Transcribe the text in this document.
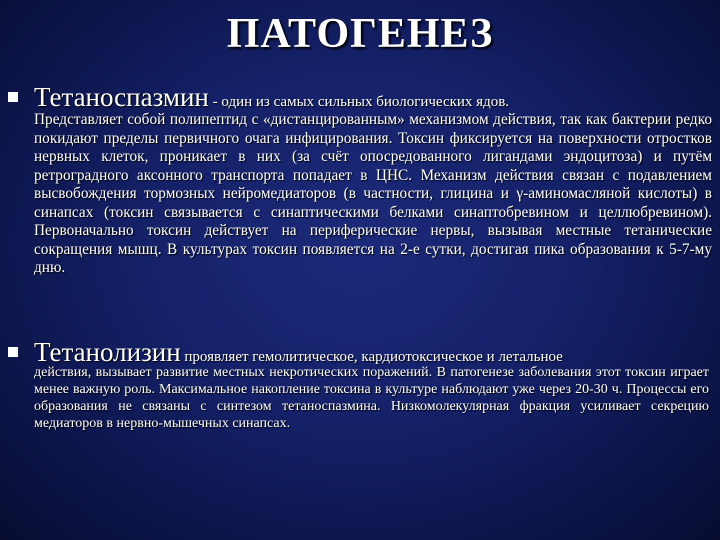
ПАТОГЕНЕЗ
Тетаноспазмин - один из самых сильных биологических ядов.
Представляет собой полипептид с «дистанцированным» механизмом действия, так как бактерии редко покидают пределы первичного очага инфицирования. Токсин фиксируется на поверхности отростков нервных клеток, проникает в них (за счёт опосредованного лигандами эндоцитоза) и путём ретроградного аксонного транспорта попадает в ЦНС. Механизм действия связан с подавлением высвобождения тормозных нейромедиаторов (в частности, глицина и γ-аминомасляной кислоты) в синапсах (токсин связывается с синаптическими белками синаптобревином и целлюбревином). Первоначально токсин действует на периферические нервы, вызывая местные тетанические сокращения мышц. В культурах токсин появляется на 2-е сутки, достигая пика образования к 5-7-му дню.
Тетанолизин проявляет гемолитическое, кардиотоксическое и летальное
действия, вызывает развитие местных некротических поражений. В патогенезе заболевания этот токсин играет менее важную роль. Максимальное накопление токсина в культуре наблюдают уже через 20-30 ч. Процессы его образования не связаны с синтезом тетаноспазмина. Низкомолекулярная фракция усиливает секрецию медиаторов в нервно-мышечных синапсах.
